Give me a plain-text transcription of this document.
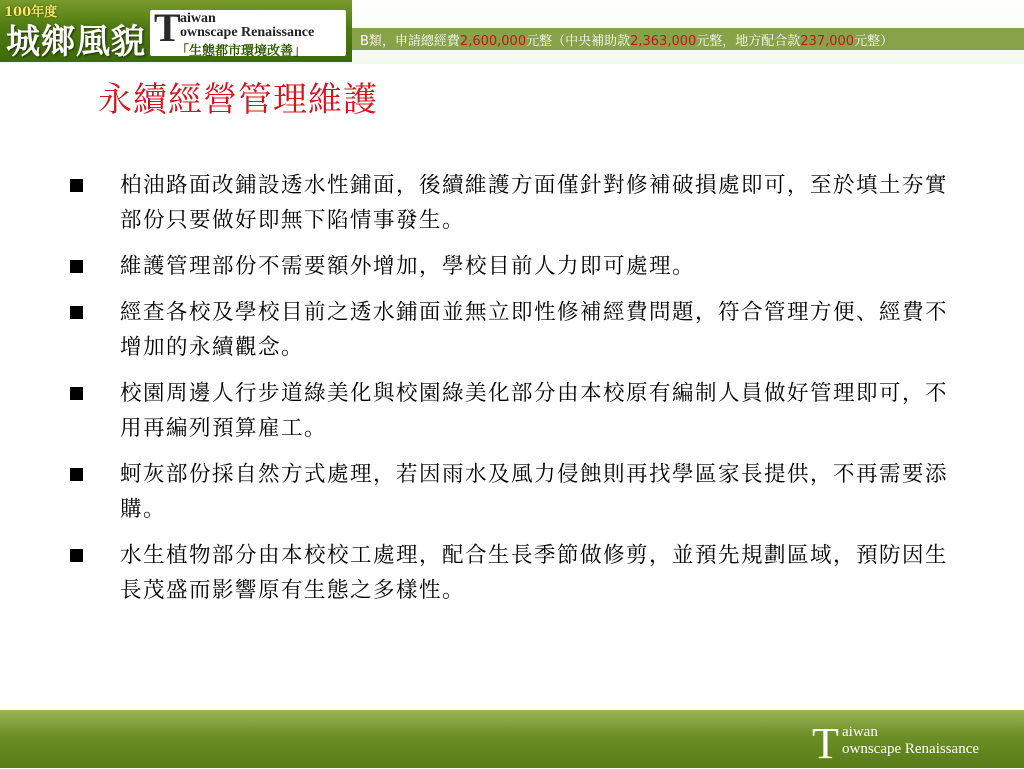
100年度
城鄉風貌 T aiwan
ownscape Renaissance
「生態都市環境改善」
B類，申請總經費2,600,000元整（中央補助款2,363,000元整，地方配合款237,000元整）
永續經營管理維護
柏油路面改鋪設透水性鋪面，後續維護方面僅針對修補破損處即可，至於填土夯實部份只要做好即無下陷情事發生。
維護管理部份不需要額外增加，學校目前人力即可處理。
經查各校及學校目前之透水鋪面並無立即性修補經費問題，符合管理方便、經費不增加的永續觀念。
校園周邊人行步道綠美化與校園綠美化部分由本校原有編制人員做好管理即可，不用再編列預算雇工。
蚵灰部份採自然方式處理，若因雨水及風力侵蝕則再找學區家長提供，不再需要添購。
水生植物部分由本校校工處理，配合生長季節做修剪，並預先規劃區域，預防因生長茂盛而影響原有生態之多樣性。
T aiwan
ownscape Renaissance
